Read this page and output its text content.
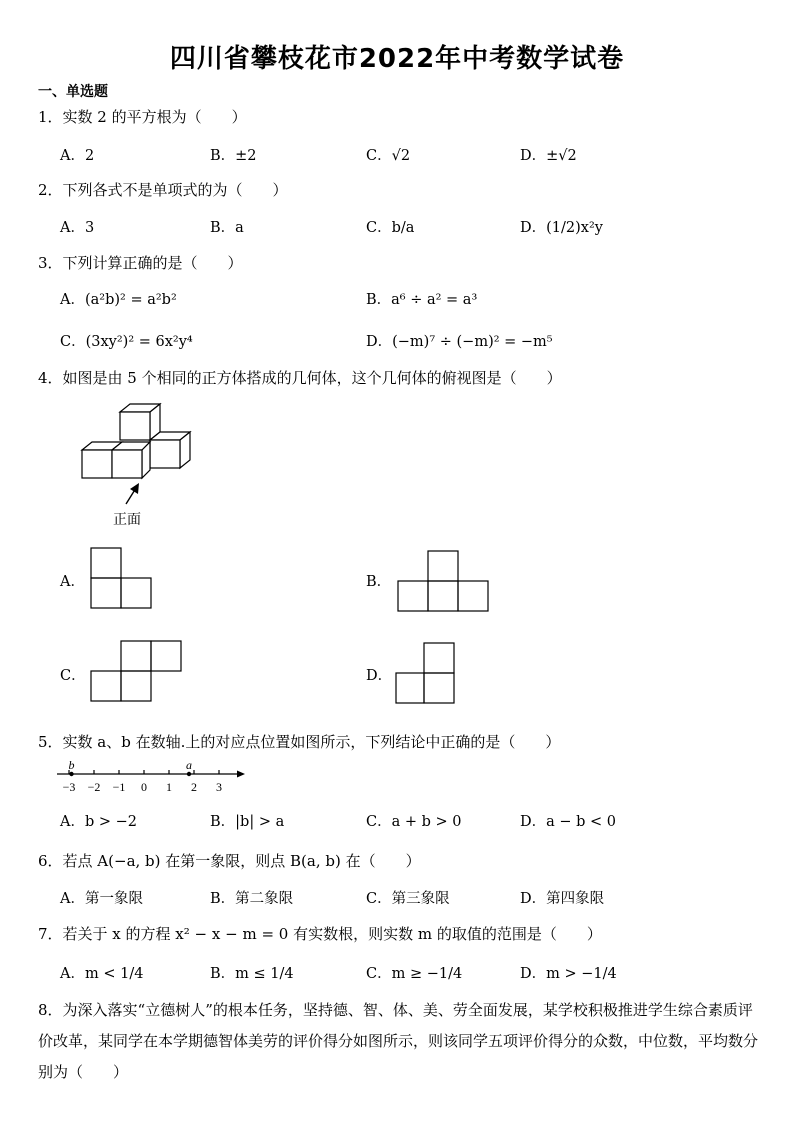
四川省攀枝花市2022年中考数学试卷
一、单选题
1．实数 2 的平方根为（　　）
A．2	B．±2	C．√2	D．±√2
2．下列各式不是单项式的为（　　）
A．3	B．a	C．b/a	D．(1/2)x²y
3．下列计算正确的是（　　）
A．(a²b)² = a²b²	B．a⁶ ÷ a² = a³
C．(3xy²)² = 6x²y⁴	D．(−m)⁷ ÷ (−m)² = −m⁵
4．如图是由 5 个相同的正方体搭成的几何体，这个几何体的俯视图是（　　）
正面
A．	B．
C．	D．
5．实数 a、b 在数轴.上的对应点位置如图所示，下列结论中正确的是（　　）
−3 −2 −1 0 1 2 3
b	a
A．b > −2	B．|b| > a	C．a + b > 0	D．a − b < 0
6．若点 A(−a, b) 在第一象限，则点 B(a, b) 在（　　）
A．第一象限	B．第二象限	C．第三象限	D．第四象限
7．若关于 x 的方程 x² − x − m = 0 有实数根，则实数 m 的取值的范围是（　　）
A．m < 1/4	B．m ≤ 1/4	C．m ≥ −1/4	D．m > −1/4
8．为深入落实“立德树人”的根本任务，坚持德、智、体、美、劳全面发展，某学校积极推进学生综合素质评价改革，某同学在本学期德智体美劳的评价得分如图所示，则该同学五项评价得分的众数，中位数，平均数分别为（　　）
